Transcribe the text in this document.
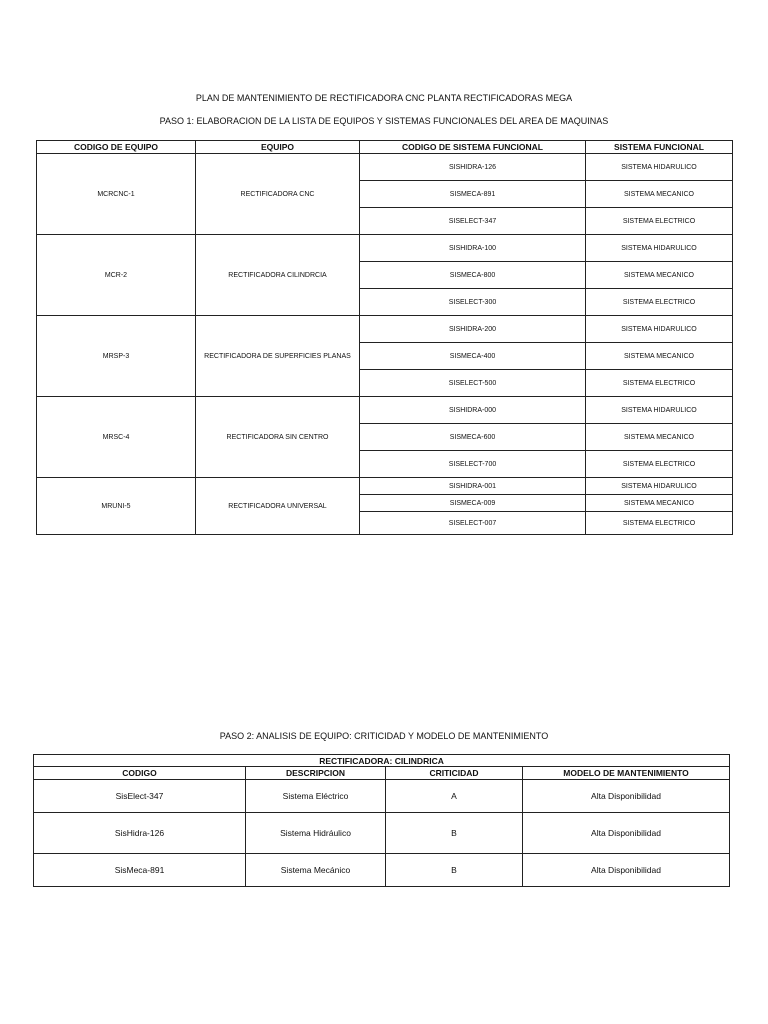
PLAN DE MANTENIMIENTO DE RECTIFICADORA CNC PLANTA RECTIFICADORAS MEGA
PASO 1: ELABORACION DE LA LISTA DE EQUIPOS Y SISTEMAS FUNCIONALES DEL AREA DE MAQUINAS
CODIGO DE EQUIPO	EQUIPO	CODIGO DE SISTEMA FUNCIONAL	SISTEMA FUNCIONAL
MCRCNC-1	RECTIFICADORA CNC	SISHIDRA-126	SISTEMA HIDARULICO
		SISMECA-891	SISTEMA MECANICO
		SISELECT-347	SISTEMA ELECTRICO
MCR-2	RECTIFICADORA CILINDRCIA	SISHIDRA-100	SISTEMA HIDARULICO
		SISMECA-800	SISTEMA MECANICO
		SISELECT-300	SISTEMA ELECTRICO
MRSP-3	RECTIFICADORA DE SUPERFICIES PLANAS	SISHIDRA-200	SISTEMA HIDARULICO
		SISMECA-400	SISTEMA MECANICO
		SISELECT-500	SISTEMA ELECTRICO
MRSC-4	RECTIFICADORA SIN CENTRO	SISHIDRA-000	SISTEMA HIDARULICO
		SISMECA-600	SISTEMA MECANICO
		SISELECT-700	SISTEMA ELECTRICO
MRUNI-5	RECTIFICADORA UNIVERSAL	SISHIDRA-001	SISTEMA HIDARULICO
		SISMECA-009	SISTEMA MECANICO
		SISELECT-007	SISTEMA ELECTRICO
PASO 2: ANALISIS DE EQUIPO: CRITICIDAD Y MODELO DE MANTENIMIENTO
RECTIFICADORA: CILINDRICA			
CODIGO	DESCRIPCION	CRITICIDAD	MODELO DE MANTENIMIENTO
SisElect-347	Sistema Eléctrico	A	Alta Disponibilidad
SisHidra-126	Sistema Hidráulico	B	Alta Disponibilidad
SisMeca-891	Sistema Mecánico	B	Alta Disponibilidad
